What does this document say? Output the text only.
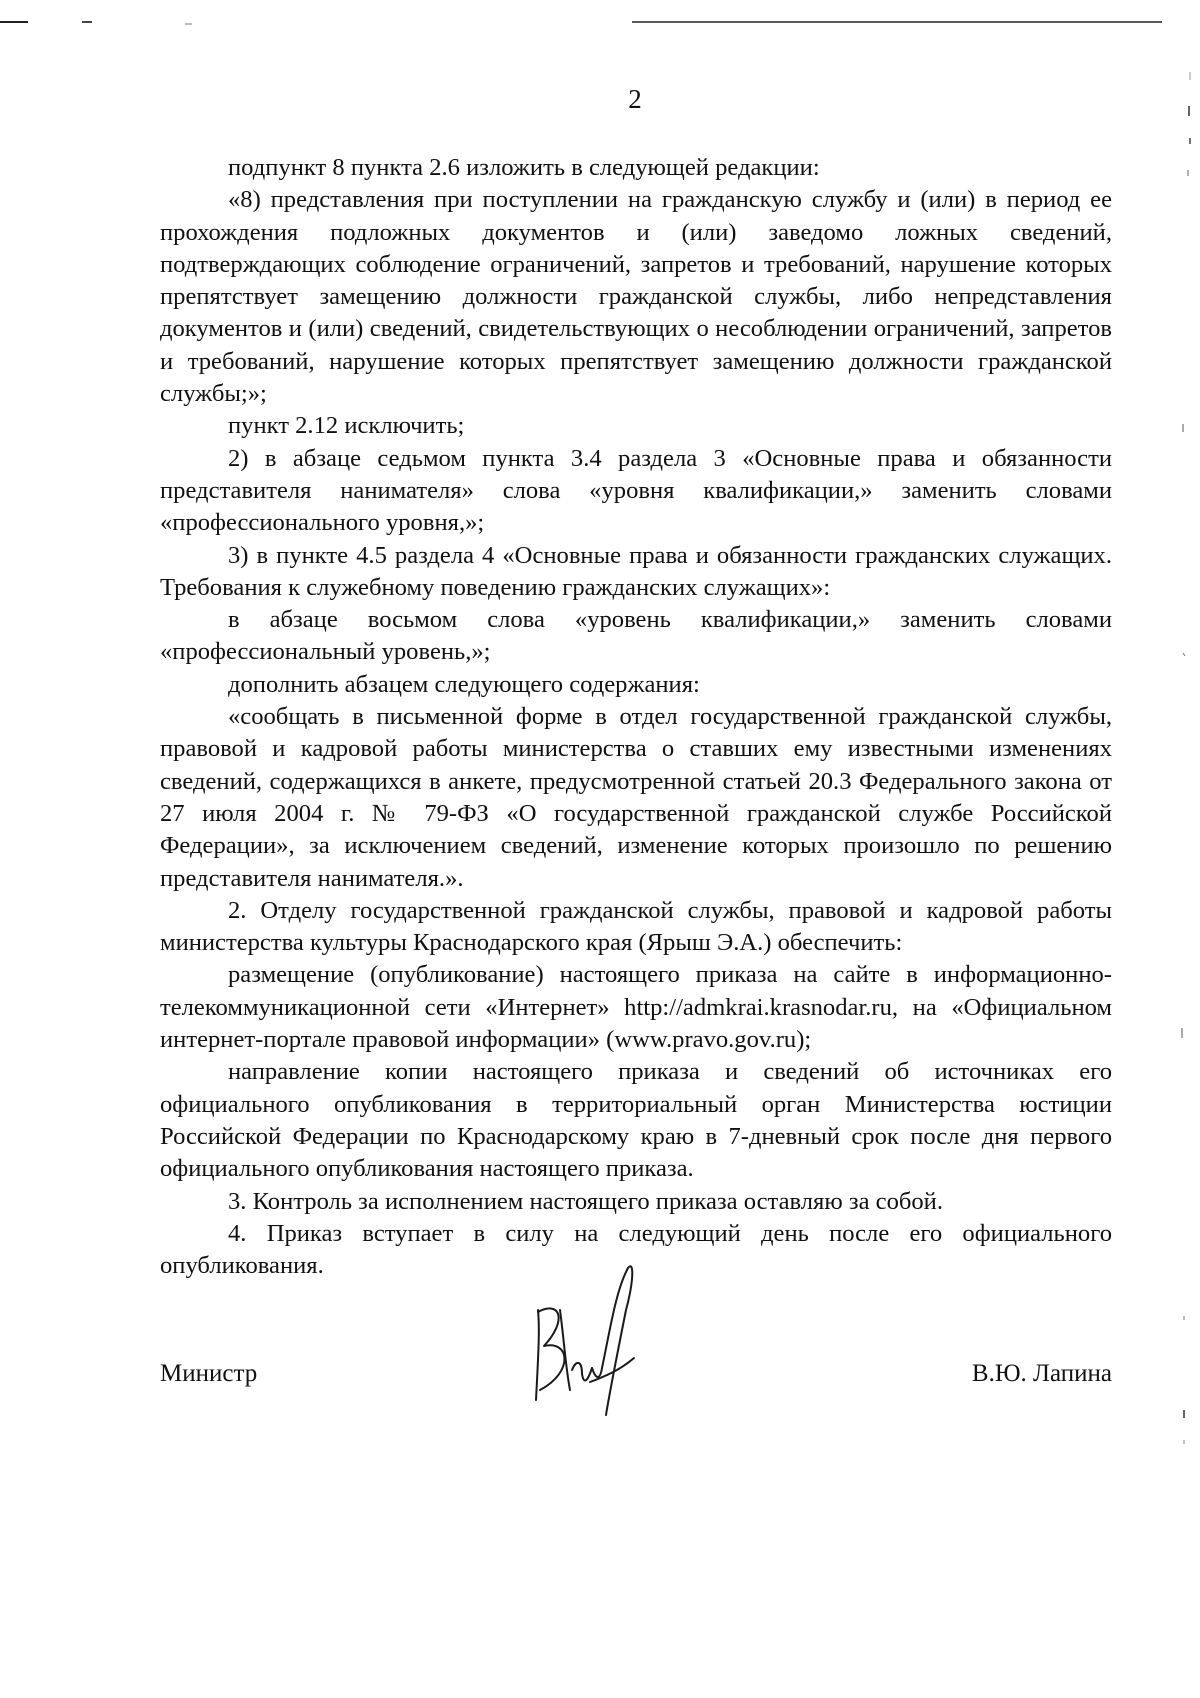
2

подпункт 8 пункта 2.6 изложить в следующей редакции:

«8) представления при поступлении на гражданскую службу и (или) в период ее прохождения подложных документов и (или) заведомо ложных сведений, подтверждающих соблюдение ограничений, запретов и требований, нарушение которых препятствует замещению должности гражданской службы, либо непредставления документов и (или) сведений, свидетельствующих о несоблюдении ограничений, запретов и требований, нарушение которых препятствует замещению должности гражданской службы;»;

пункт 2.12 исключить;

2) в абзаце седьмом пункта 3.4 раздела 3 «Основные права и обязанности представителя нанимателя» слова «уровня квалификации,» заменить словами «профессионального уровня,»;

3) в пункте 4.5 раздела 4 «Основные права и обязанности гражданских служащих. Требования к служебному поведению гражданских служащих»:

в абзаце восьмом слова «уровень квалификации,» заменить словами «профессиональный уровень,»;

дополнить абзацем следующего содержания:

«сообщать в письменной форме в отдел государственной гражданской службы, правовой и кадровой работы министерства о ставших ему известными изменениях сведений, содержащихся в анкете, предусмотренной статьей 20.3 Федерального закона от 27 июля 2004 г. № 79-ФЗ «О государственной гражданской службе Российской Федерации», за исключением сведений, изменение которых произошло по решению представителя нанимателя.».

2. Отделу государственной гражданской службы, правовой и кадровой работы министерства культуры Краснодарского края (Ярыш Э.А.) обеспечить:

размещение (опубликование) настоящего приказа на сайте в информационно-телекоммуникационной сети «Интернет» http://admkrai.krasnodar.ru, на «Официальном интернет-портале правовой информации» (www.pravo.gov.ru);

направление копии настоящего приказа и сведений об источниках его официального опубликования в территориальный орган Министерства юстиции Российской Федерации по Краснодарскому краю в 7-дневный срок после дня первого официального опубликования настоящего приказа.

3. Контроль за исполнением настоящего приказа оставляю за собой.

4. Приказ вступает в силу на следующий день после его официального опубликования.

Министр	В.Ю. Лапина
